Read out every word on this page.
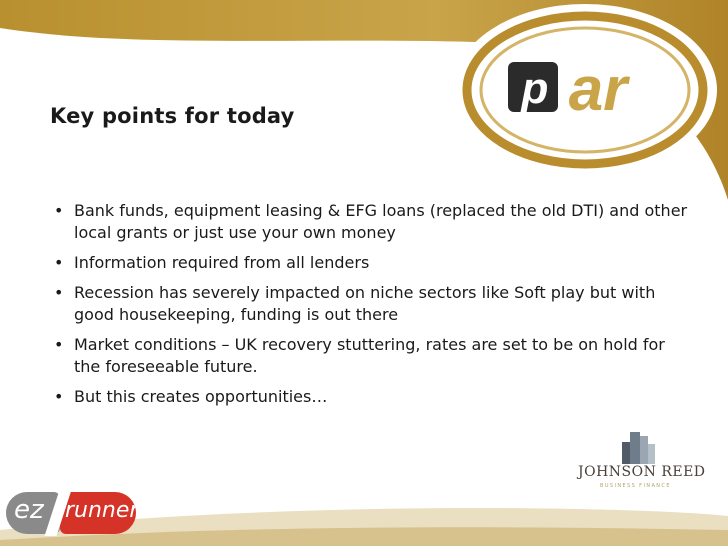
p ar
Key points for today
• Bank funds, equipment leasing & EFG loans (replaced the old DTI) and other local grants or just use your own money
• Information required from all lenders
• Recession has severely impacted on niche sectors like Soft play but with good housekeeping, funding is out there
• Market conditions – UK recovery stuttering, rates are set to be on hold for the foreseeable future.
• But this creates opportunities…
JOHNSON REED
BUSINESS FINANCE
ez runner
